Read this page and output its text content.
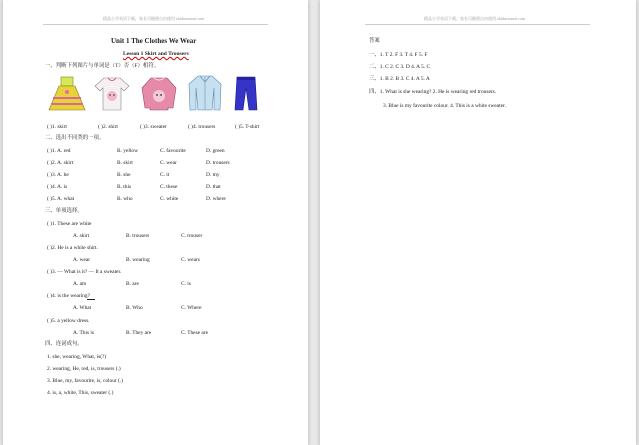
精品小学英语下载，家长可随便自由使用 zhidaowanzi.com
Unit 1 The Clothes We Wear
Lesson 1 Skirt and Trousers
一、判断下列图片与单词是（T）否（F）相符。
( )1. skirt	( )2. shirt	( )3. sweater	( )4. trousers	( )5. T-shirt
二、选出不同类的一项。
( )1. A. red	B. yellow	C. favourite	D. green
( )2. A. skirt	B. skirt	C. wear	D. trousers
( )3. A. he	B. she	C. it	D. my
( )4. A. is	B. this	C. these	D. that
( )5. A. what	B. who	C. white	D. where
三、单项选择。
( )1. These are white
A. skirt	B. trousers	C. trouser
( )2. He is a white shirt.
A. wear	B. wearing	C. wears
( )3. — What is it? — It a sweater.
A. am	B. are	C. is
( )4. is the wearing?
A. What	B. Who	C. Where
( )5. a yellow dress.
A. This is	B. They are	C. These are
四、连词成句。
1. she, wearing, What, is(?)
2. wearing, He, red, is, trousers (.)
3. Blue, my, favourite, is, colour (.)
4. is, a, white, This, sweater (.)
精品小学英语下载，家长可随便自由使用 zhidaowanzi.com
答案
一、1. T 2. F 3. T 4. F 5. F
二、1. C 2. C 3. D 4. A 5. C
三、1. B 2. B 3. C 4. A 5. A
四、1. What is she wearing? 2. He is wearing red trousers.
3. Blue is my favourite colour. 4. This is a white sweater.
